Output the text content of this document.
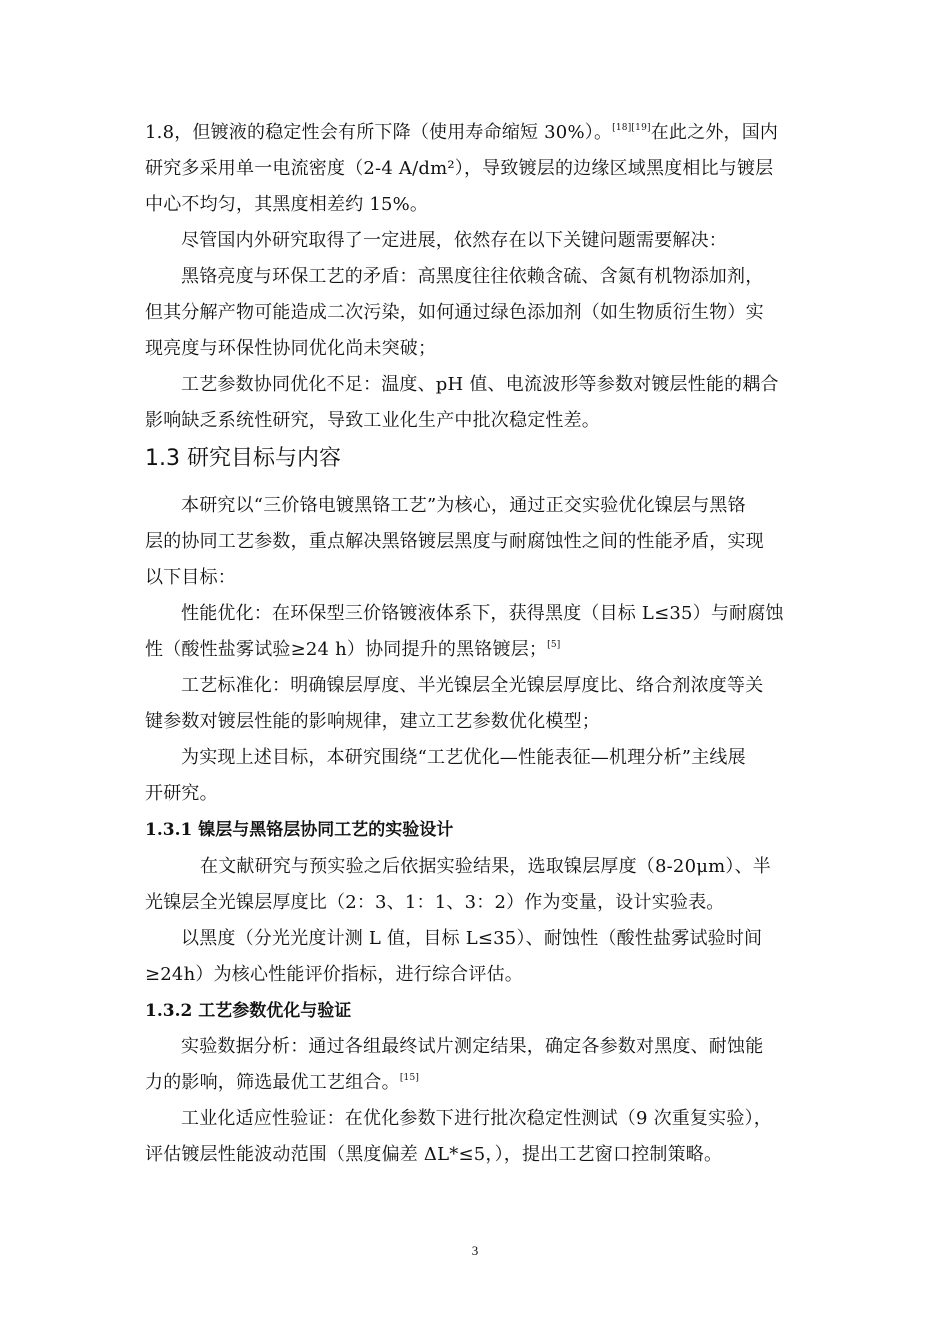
1.8，但镀液的稳定性会有所下降（使用寿命缩短 30%）。[18][19]在此之外，国内
研究多采用单一电流密度（2-4 A/dm²），导致镀层的边缘区域黑度相比与镀层
中心不均匀，其黑度相差约 15%。
尽管国内外研究取得了一定进展，依然存在以下关键问题需要解决：
黑铬亮度与环保工艺的矛盾：高黑度往往依赖含硫、含氮有机物添加剂，
但其分解产物可能造成二次污染，如何通过绿色添加剂（如生物质衍生物）实
现亮度与环保性协同优化尚未突破；
工艺参数协同优化不足：温度、pH 值、电流波形等参数对镀层性能的耦合
影响缺乏系统性研究，导致工业化生产中批次稳定性差。
1.3 研究目标与内容
本研究以“三价铬电镀黑铬工艺”为核心，通过正交实验优化镍层与黑铬
层的协同工艺参数，重点解决黑铬镀层黑度与耐腐蚀性之间的性能矛盾，实现
以下目标：
性能优化：在环保型三价铬镀液体系下，获得黑度（目标 L≤35）与耐腐蚀
性（酸性盐雾试验≥24 h）协同提升的黑铬镀层；[5]
工艺标准化：明确镍层厚度、半光镍层全光镍层厚度比、络合剂浓度等关
键参数对镀层性能的影响规律，建立工艺参数优化模型；
为实现上述目标，本研究围绕“工艺优化—性能表征—机理分析”主线展
开研究。
1.3.1 镍层与黑铬层协同工艺的实验设计
在文献研究与预实验之后依据实验结果，选取镍层厚度（8-20μm）、半
光镍层全光镍层厚度比（2：3、1：1、3：2）作为变量，设计实验表。
以黑度（分光光度计测 L 值，目标 L≤35）、耐蚀性（酸性盐雾试验时间
≥24h）为核心性能评价指标，进行综合评估。
1.3.2 工艺参数优化与验证
实验数据分析：通过各组最终试片测定结果，确定各参数对黑度、耐蚀能
力的影响，筛选最优工艺组合。[15]
工业化适应性验证：在优化参数下进行批次稳定性测试（9 次重复实验），
评估镀层性能波动范围（黑度偏差 ΔL*≤5，），提出工艺窗口控制策略。
3
